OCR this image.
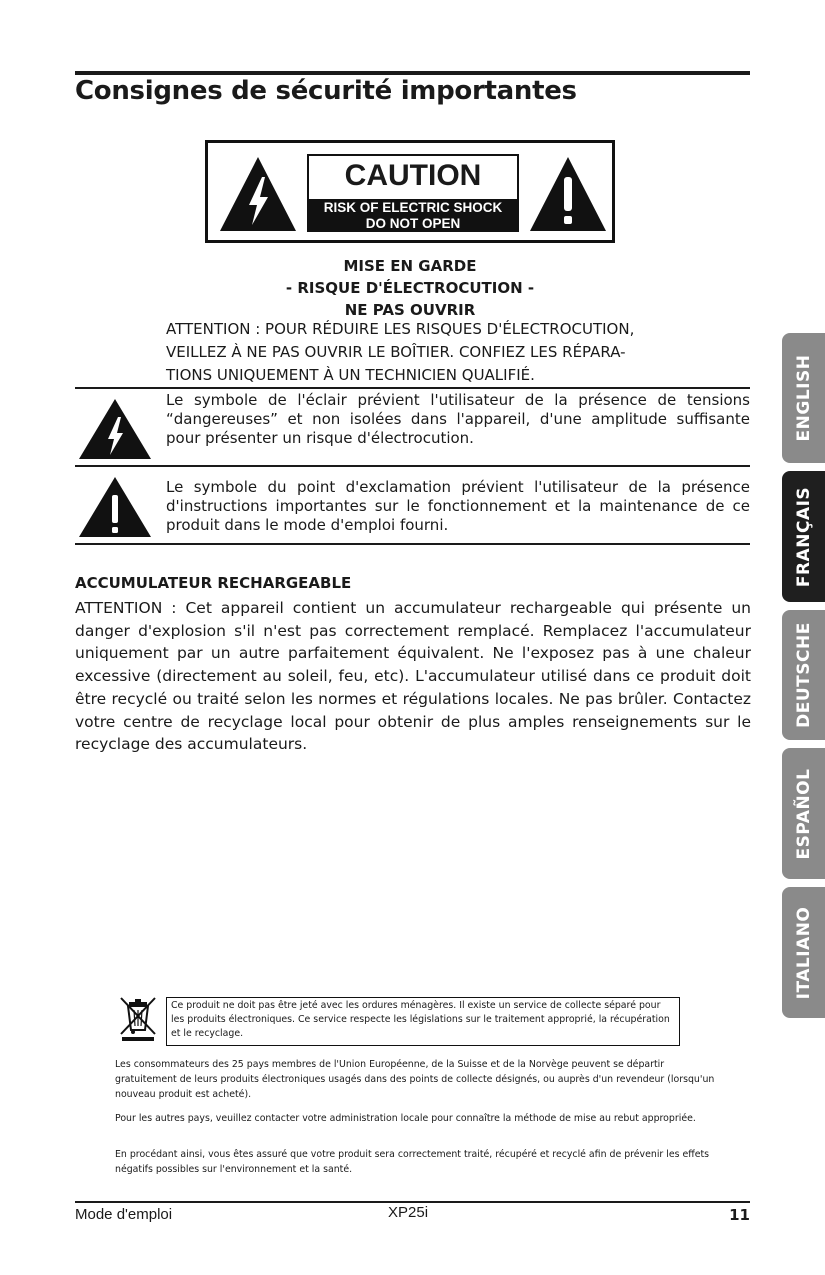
Consignes de sécurité importantes
CAUTION
RISK OF ELECTRIC SHOCK
DO NOT OPEN
MISE EN GARDE
- RISQUE D'ÉLECTROCUTION -
NE PAS OUVRIR
ATTENTION : POUR RÉDUIRE LES RISQUES D'ÉLECTROCUTION,
VEILLEZ À NE PAS OUVRIR LE BOÎTIER. CONFIEZ LES RÉPARA-
TIONS UNIQUEMENT À UN TECHNICIEN QUALIFIÉ.
Le symbole de l'éclair prévient l'utilisateur de la présence de tensions “dangereuses” et non isolées dans l'appareil, d'une amplitude suffisante pour présenter un risque d'électrocution.
Le symbole du point d'exclamation prévient l'utilisateur de la présence d'instructions importantes sur le fonctionnement et la maintenance de ce produit dans le mode d'emploi fourni.
ACCUMULATEUR RECHARGEABLE
ATTENTION : Cet appareil contient un accumulateur rechargeable qui présente un danger d'explosion s'il n'est pas correctement remplacé. Remplacez l'accumulateur uniquement par un autre parfaitement équivalent. Ne l'exposez pas à une chaleur excessive (directement au soleil, feu, etc). L'accumulateur utilisé dans ce produit doit être recyclé ou traité selon les normes et régulations locales. Ne pas brûler. Contactez votre centre de recyclage local pour obtenir de plus amples renseignements sur le recyclage des accumulateurs.
ENGLISH
FRANÇAIS
DEUTSCHE
ESPAÑOL
ITALIANO
Ce produit ne doit pas être jeté avec les ordures ménagères. Il existe un service de collecte séparé pour les produits électroniques. Ce service respecte les législations sur le traitement approprié, la récupération et le recyclage.

Les consommateurs des 25 pays membres de l'Union Européenne, de la Suisse et de la Norvège peuvent se départir gratuitement de leurs produits électroniques usagés dans des points de collecte désignés, ou auprès d'un revendeur (lorsqu'un nouveau produit est acheté).

Pour les autres pays, veuillez contacter votre administration locale pour connaître la méthode de mise au rebut appropriée.

En procédant ainsi, vous êtes assuré que votre produit sera correctement traité, récupéré et recyclé afin de prévenir les effets négatifs possibles sur l'environnement et la santé.

Mode d'emploi	XP25i	11
